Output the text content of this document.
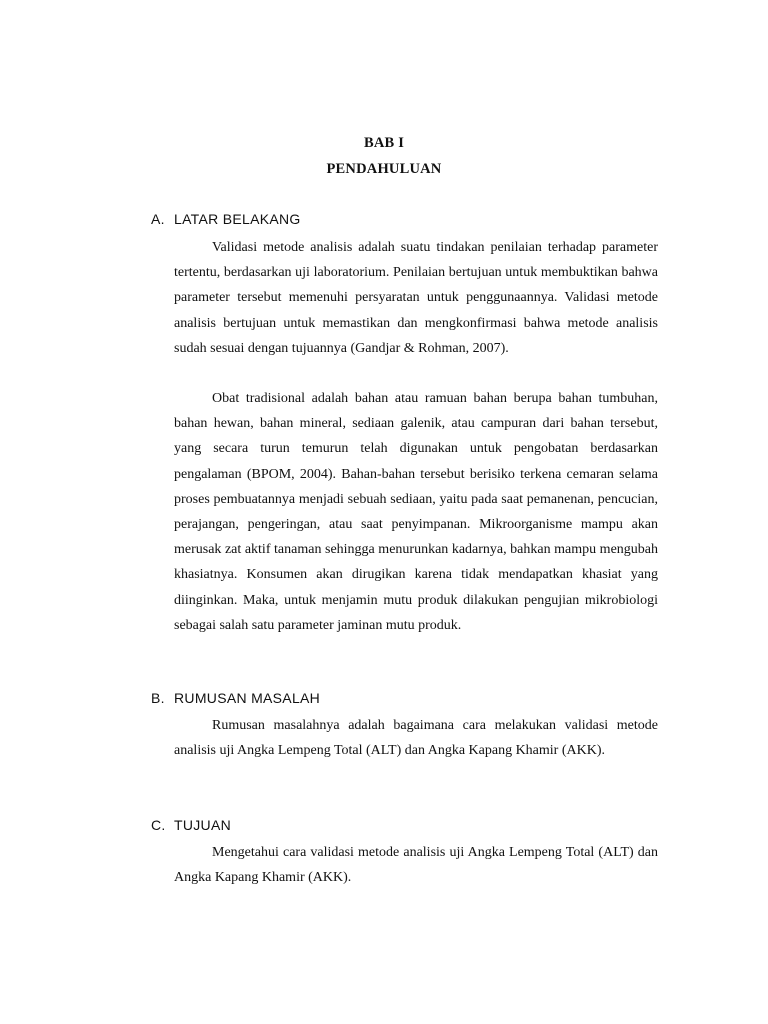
BAB I
PENDAHULUAN
A. LATAR BELAKANG

Validasi metode analisis adalah suatu tindakan penilaian terhadap parameter tertentu, berdasarkan uji laboratorium. Penilaian bertujuan untuk membuktikan bahwa parameter tersebut memenuhi persyaratan untuk penggunaannya. Validasi metode analisis bertujuan untuk memastikan dan mengkonfirmasi bahwa metode analisis sudah sesuai dengan tujuannya (Gandjar & Rohman, 2007).

Obat tradisional adalah bahan atau ramuan bahan berupa bahan tumbuhan, bahan hewan, bahan mineral, sediaan galenik, atau campuran dari bahan tersebut, yang secara turun temurun telah digunakan untuk pengobatan berdasarkan pengalaman (BPOM, 2004). Bahan-bahan tersebut berisiko terkena cemaran selama proses pembuatannya menjadi sebuah sediaan, yaitu pada saat pemanenan, pencucian, perajangan, pengeringan, atau saat penyimpanan. Mikroorganisme mampu akan merusak zat aktif tanaman sehingga menurunkan kadarnya, bahkan mampu mengubah khasiatnya. Konsumen akan dirugikan karena tidak mendapatkan khasiat yang diinginkan. Maka, untuk menjamin mutu produk dilakukan pengujian mikrobiologi sebagai salah satu parameter jaminan mutu produk.

B. RUMUSAN MASALAH

Rumusan masalahnya adalah bagaimana cara melakukan validasi metode analisis uji Angka Lempeng Total (ALT) dan Angka Kapang Khamir (AKK).

C. TUJUAN

Mengetahui cara validasi metode analisis uji Angka Lempeng Total (ALT) dan Angka Kapang Khamir (AKK).
